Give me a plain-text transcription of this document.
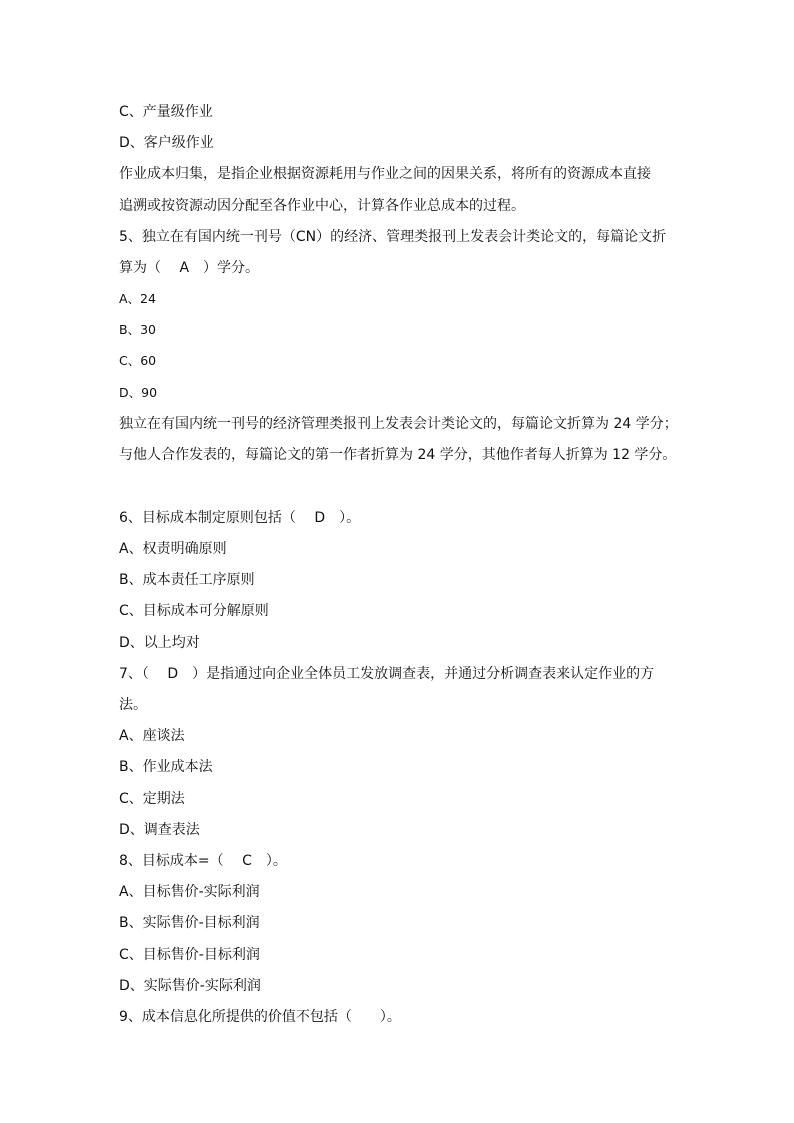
C、产量级作业
D、客户级作业
作业成本归集，是指企业根据资源耗用与作业之间的因果关系，将所有的资源成本直接
追溯或按资源动因分配至各作业中心，计算各作业总成本的过程。
5、独立在有国内统一刊号（CN）的经济、管理类报刊上发表会计类论文的，每篇论文折
算为（　 A　）学分。
A、24
B、30
C、60
D、90
独立在有国内统一刊号的经济管理类报刊上发表会计类论文的，每篇论文折算为 24 学分；
与他人合作发表的，每篇论文的第一作者折算为 24 学分，其他作者每人折算为 12 学分。
6、目标成本制定原则包括（　 D　）。
A、权责明确原则
B、成本责任工序原则
C、目标成本可分解原则
D、以上均对
7、（　 D　）是指通过向企业全体员工发放调查表，并通过分析调查表来认定作业的方
法。
A、座谈法
B、作业成本法
C、定期法
D、调查表法
8、目标成本=（　 C　）。
A、目标售价-实际利润
B、实际售价-目标利润
C、目标售价-目标利润
D、实际售价-实际利润
9、成本信息化所提供的价值不包括（　　）。
